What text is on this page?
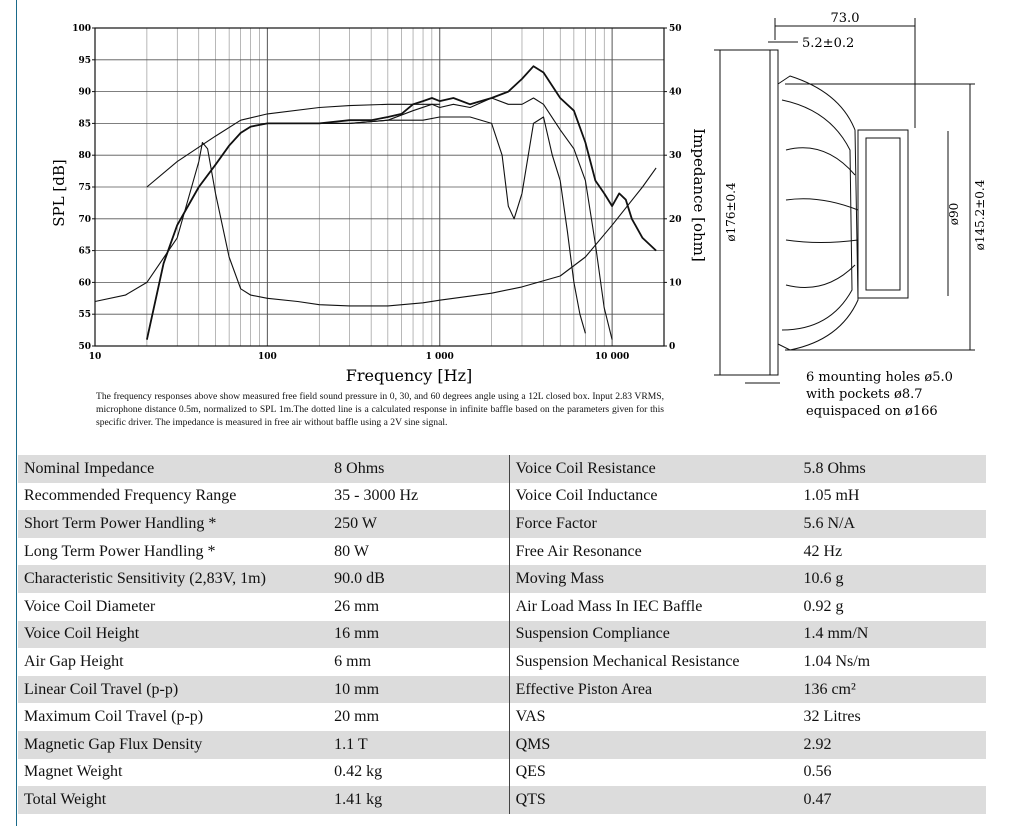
10	100	1 000	10 000
50
55
60
65
70
75
80
85
90
95
100
0
10
20
30
40
50
Frequency [Hz]
SPL [dB]	Impedance [ohm]
73.0
5.2±0.2
ø176±0.4	ø90 ø145.2±0.4
6 mounting holes ø5.0
with pockets ø8.7
equispaced on ø166
The frequency responses above show measured free field sound pressure in 0, 30, and 60 degrees angle using a 12L closed box. Input 2.83 VRMS, microphone distance 0.5m, normalized to SPL 1m.The dotted line is a calculated response in infinite baffle based on the parameters given for this specific driver. The impedance is measured in free air without baffle using a 2V sine signal.
Nominal Impedance	8 Ohms	Voice Coil Resistance	5.8 Ohms
Recommended Frequency Range	35 - 3000 Hz	Voice Coil Inductance	1.05 mH
Short Term Power Handling *	250 W	Force Factor	5.6 N/A
Long Term Power Handling *	80 W	Free Air Resonance	42 Hz
Characteristic Sensitivity (2,83V, 1m)	90.0 dB	Moving Mass	10.6 g
Voice Coil Diameter	26 mm	Air Load Mass In IEC Baffle	0.92 g
Voice Coil Height	16 mm	Suspension Compliance	1.4 mm/N
Air Gap Height	6 mm	Suspension Mechanical Resistance	1.04 Ns/m
Linear Coil Travel (p-p)	10 mm	Effective Piston Area	136 cm²
Maximum Coil Travel (p-p)	20 mm	VAS	32 Litres
Magnetic Gap Flux Density	1.1 T	QMS	2.92
Magnet Weight	0.42 kg	QES	0.56
Total Weight	1.41 kg	QTS	0.47
